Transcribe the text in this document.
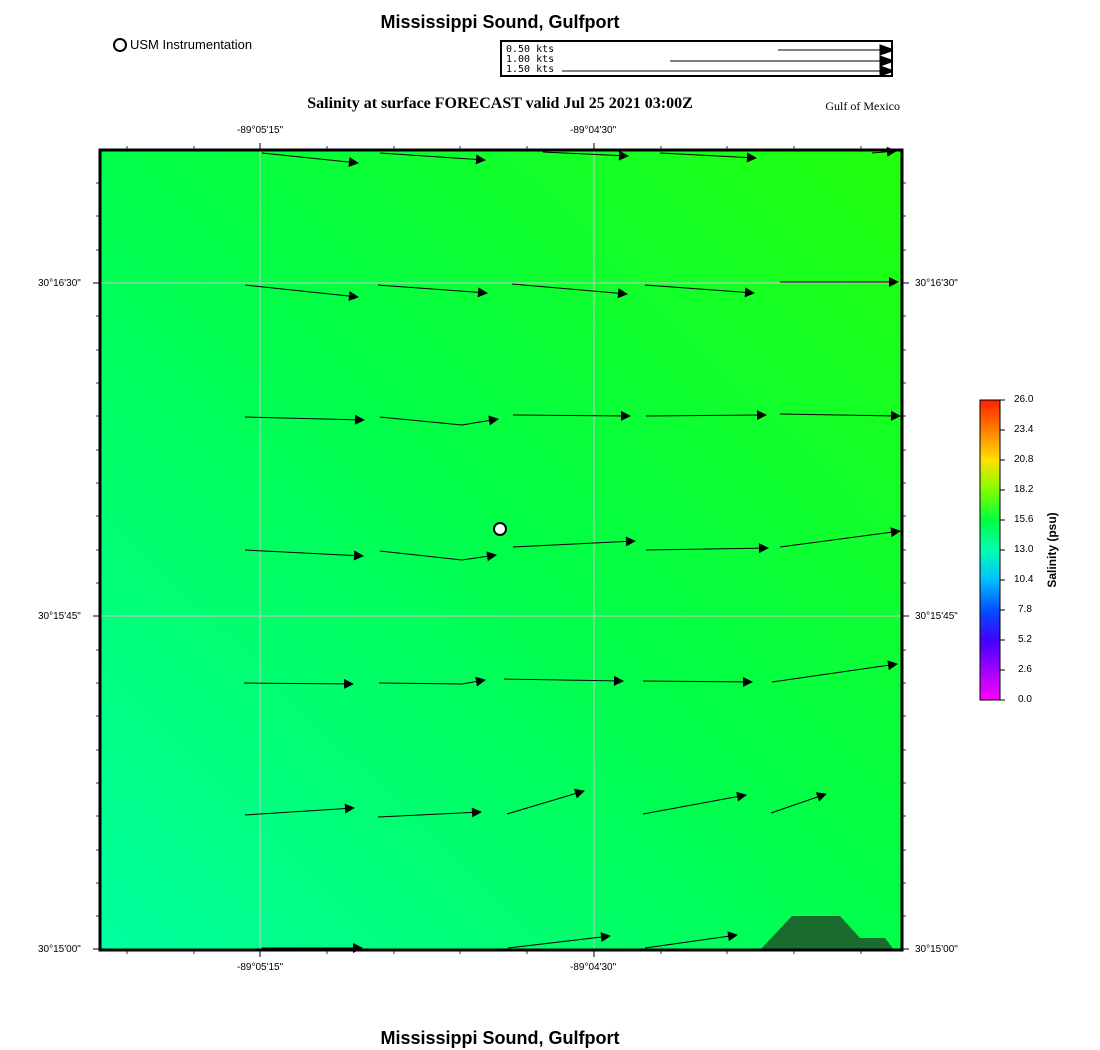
Mississippi Sound, Gulfport
USM Instrumentation	0.50 kts
1.00 kts
1.50 kts
Salinity at surface FORECAST valid Jul 25 2021 03:00Z	Gulf of Mexico
-89°05'15"	-89°04'30"
-89°05'15"	-89°04'30"
30°16'30"
30°15'45"
30°15'00"
30°16'30"
30°15'45"
30°15'00"
26.0
23.4
20.8
18.2
15.6
13.0
10.4
7.8
5.2
2.6
0.0
Salinity (psu)
Mississippi Sound, Gulfport
